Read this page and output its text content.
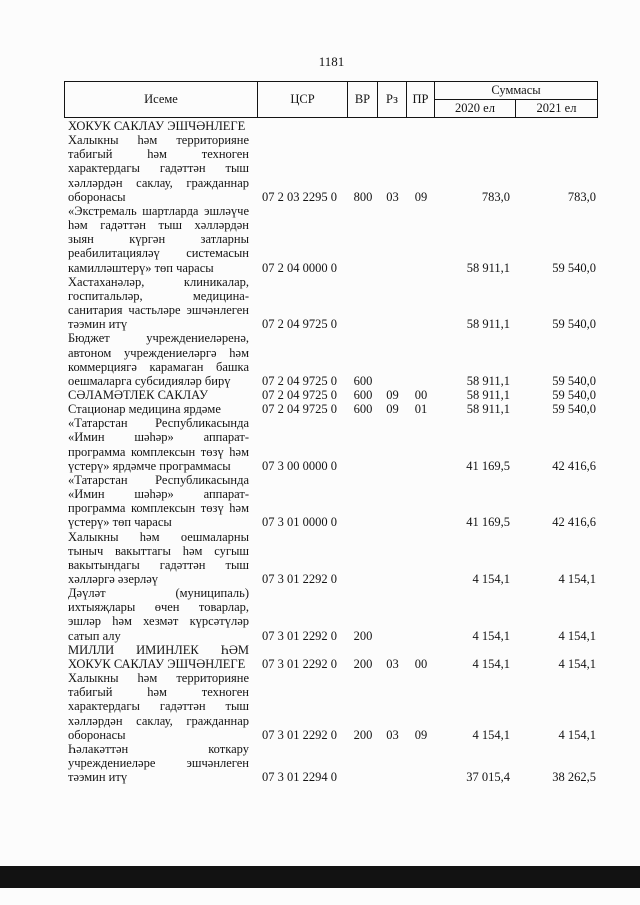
1181
Исеме	ЦСР	ВР	Рз	ПР
Суммасы
2020 ел	2021 ел
ХОКУК САКЛАУ ЭШЧӘНЛЕГЕ
Халыкны һәм территорияне
табигый һәм техноген
характердагы гадәттән тыш
хәлләрдән саклау, гражданнар
оборонасы	07 2 03 2295 0	800	03	09	783,0	783,0
«Экстремаль шартларда эшләүче
һәм гадәттән тыш хәлләрдән
зыян күргән затларны
реабилитацияләү системасын
камилләштерү» төп чарасы	07 2 04 0000 0	58 911,1	59 540,0
Хастаханәләр, клиникалар,
госпитальләр, медицина-
санитария частьләре эшчәнлеген
тәэмин итү	07 2 04 9725 0	58 911,1	59 540,0
Бюджет учреждениеләренә,
автоном учреждениеләргә һәм
коммерциягә карамаган башка
оешмаларга субсидияләр бирү	07 2 04 9725 0	600	58 911,1	59 540,0
СӘЛАМӘТЛЕК САКЛАУ	07 2 04 9725 0	600	09	00	58 911,1	59 540,0
Стационар медицина ярдәме	07 2 04 9725 0	600	09	01	58 911,1	59 540,0
«Татарстан Республикасында
«Имин шәһәр» аппарат-
программа комплексын төзү һәм
үстерү» ярдәмче программасы	07 3 00 0000 0	41 169,5	42 416,6
«Татарстан Республикасында
«Имин шәһәр» аппарат-
программа комплексын төзү һәм
үстерү» төп чарасы	07 3 01 0000 0	41 169,5	42 416,6
Халыкны һәм оешмаларны
тыныч вакыттагы һәм сугыш
вакытындагы гадәттән тыш
хәлләргә әзерләү	07 3 01 2292 0	4 154,1	4 154,1
Дәүләт (муниципаль)
ихтыяҗлары өчен товарлар,
эшләр һәм хезмәт күрсәтүләр
сатып алу	07 3 01 2292 0	200	4 154,1	4 154,1
МИЛЛИ ИМИНЛЕК ҺӘМ
ХОКУК САКЛАУ ЭШЧӘНЛЕГЕ	07 3 01 2292 0	200	03	00	4 154,1	4 154,1
Халыкны һәм территорияне
табигый һәм техноген
характердагы гадәттән тыш
хәлләрдән саклау, гражданнар
оборонасы	07 3 01 2292 0	200	03	09	4 154,1	4 154,1
Һәлакәттән коткару
учреждениеләре эшчәнлеген
тәэмин итү	07 3 01 2294 0	37 015,4	38 262,5
